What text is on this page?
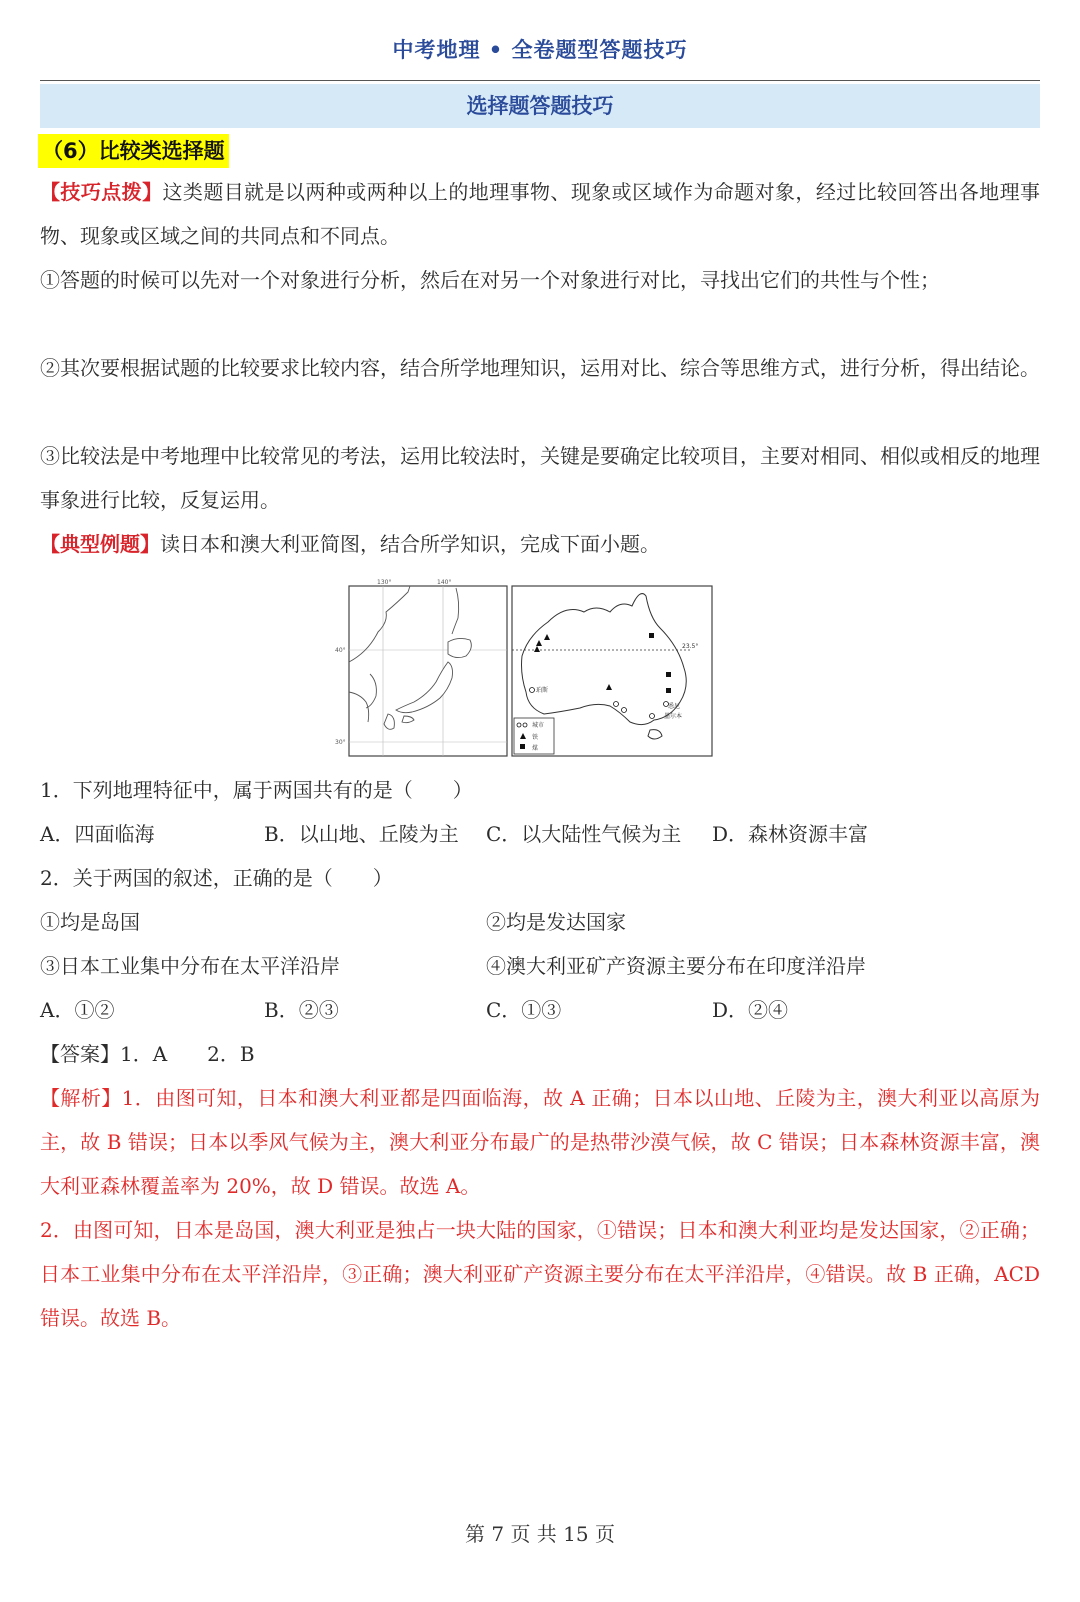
中考地理 • 全卷题型答题技巧
选择题答题技巧
（6）比较类选择题
【技巧点拨】这类题目就是以两种或两种以上的地理事物、现象或区域作为命题对象，经过比较回答出各地理事物、现象或区域之间的共同点和不同点。
①答题的时候可以先对一个对象进行分析，然后在对另一个对象进行对比，寻找出它们的共性与个性；
②其次要根据试题的比较要求比较内容，结合所学地理知识，运用对比、综合等思维方式，进行分析，得出结论。
③比较法是中考地理中比较常见的考法，运用比较法时，关键是要确定比较项目，主要对相同、相似或相反的地理事象进行比较，反复运用。
【典型例题】读日本和澳大利亚简图，结合所学知识，完成下面小题。
130°	140°
40°
30°
23.5°
珀斯
悉尼
墨尔本
城市
铁
煤
1．下列地理特征中，属于两国共有的是（　　）
A．四面临海	B．以山地、丘陵为主 C．以大陆性气候为主 D．森林资源丰富
2．关于两国的叙述，正确的是（　　）
①均是岛国	②均是发达国家
③日本工业集中分布在太平洋沿岸	④澳大利亚矿产资源主要分布在印度洋沿岸
A．①②	B．②③	C．①③	D．②④
【答案】1．A　　2．B
【解析】1．由图可知，日本和澳大利亚都是四面临海，故 A 正确；日本以山地、丘陵为主，澳大利亚以高原为主，故 B 错误；日本以季风气候为主，澳大利亚分布最广的是热带沙漠气候，故 C 错误；日本森林资源丰富，澳大利亚森林覆盖率为 20%，故 D 错误。故选 A。
2．由图可知，日本是岛国，澳大利亚是独占一块大陆的国家，①错误；日本和澳大利亚均是发达国家，②正确；日本工业集中分布在太平洋沿岸，③正确；澳大利亚矿产资源主要分布在太平洋沿岸，④错误。故 B 正确，ACD 错误。故选 B。
第 7 页 共 15 页
